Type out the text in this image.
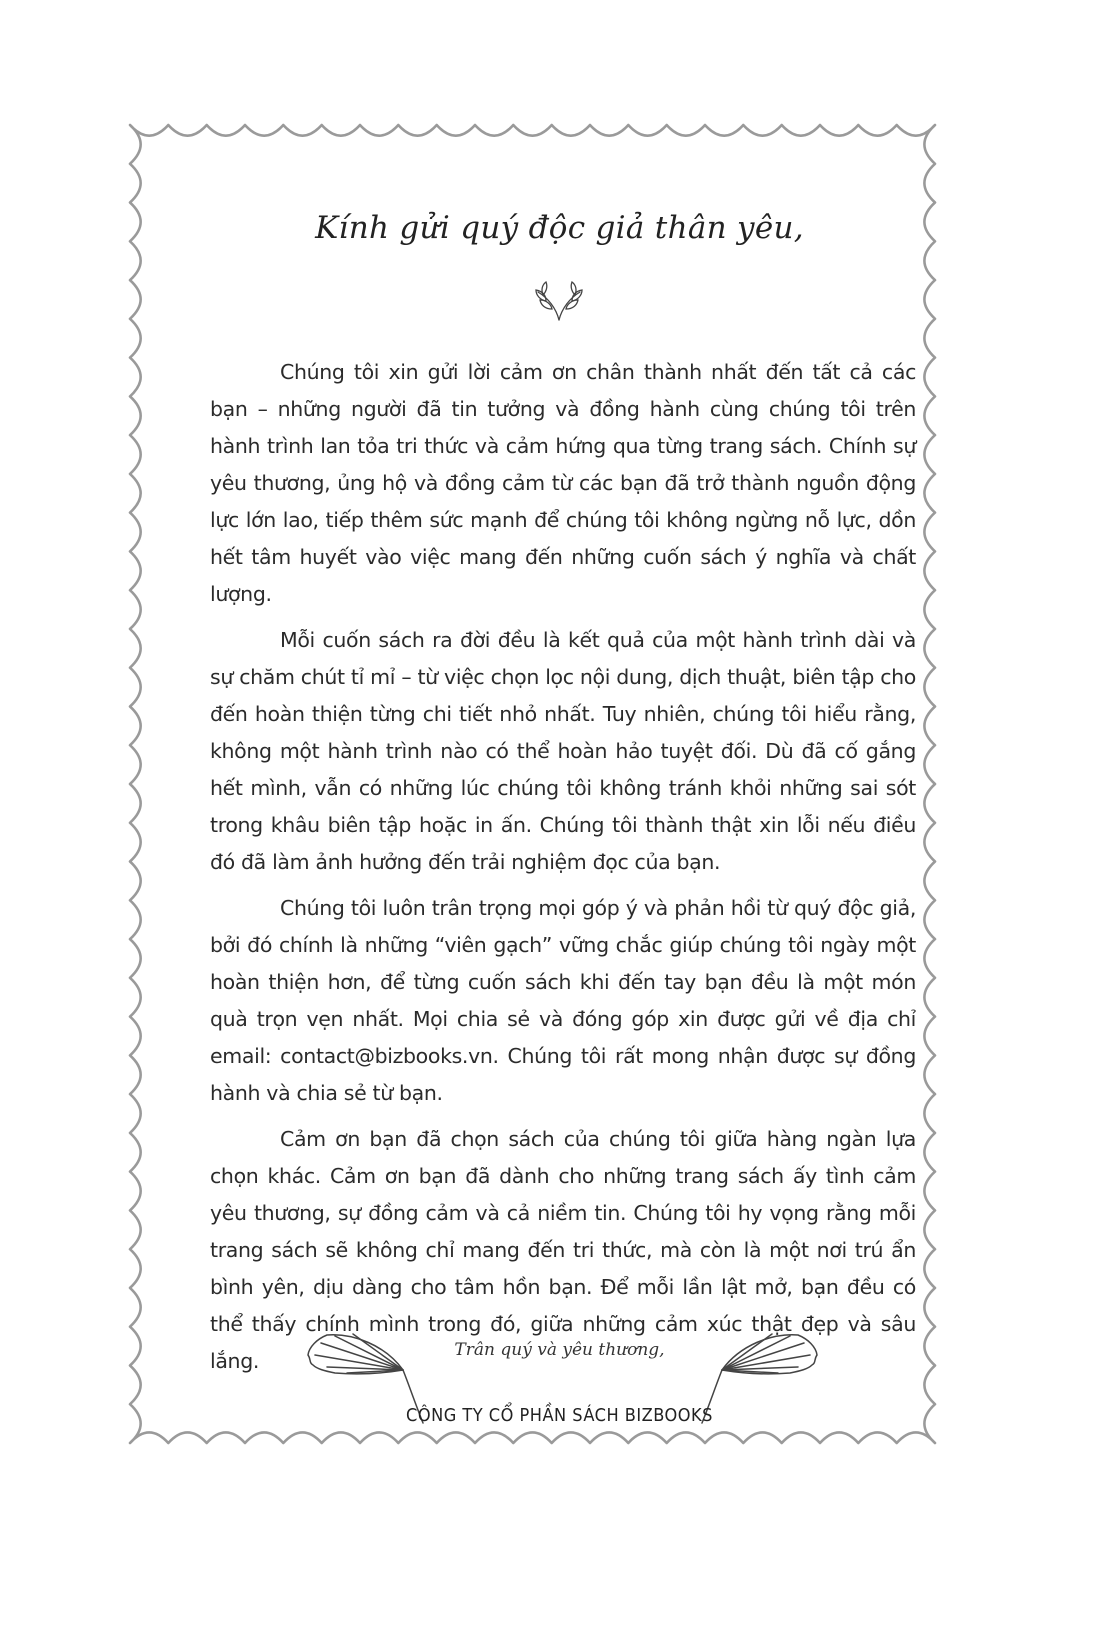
Kính gửi quý độc giả thân yêu,

Chúng tôi xin gửi lời cảm ơn chân thành nhất đến tất cả các bạn – những người đã tin tưởng và đồng hành cùng chúng tôi trên hành trình lan tỏa tri thức và cảm hứng qua từng trang sách. Chính sự yêu thương, ủng hộ và đồng cảm từ các bạn đã trở thành nguồn động lực lớn lao, tiếp thêm sức mạnh để chúng tôi không ngừng nỗ lực, dồn hết tâm huyết vào việc mang đến những cuốn sách ý nghĩa và chất lượng.

Mỗi cuốn sách ra đời đều là kết quả của một hành trình dài và sự chăm chút tỉ mỉ – từ việc chọn lọc nội dung, dịch thuật, biên tập cho đến hoàn thiện từng chi tiết nhỏ nhất. Tuy nhiên, chúng tôi hiểu rằng, không một hành trình nào có thể hoàn hảo tuyệt đối. Dù đã cố gắng hết mình, vẫn có những lúc chúng tôi không tránh khỏi những sai sót trong khâu biên tập hoặc in ấn. Chúng tôi thành thật xin lỗi nếu điều đó đã làm ảnh hưởng đến trải nghiệm đọc của bạn.

Chúng tôi luôn trân trọng mọi góp ý và phản hồi từ quý độc giả, bởi đó chính là những “viên gạch” vững chắc giúp chúng tôi ngày một hoàn thiện hơn, để từng cuốn sách khi đến tay bạn đều là một món quà trọn vẹn nhất. Mọi chia sẻ và đóng góp xin được gửi về địa chỉ email: contact@bizbooks.vn. Chúng tôi rất mong nhận được sự đồng hành và chia sẻ từ bạn.

Cảm ơn bạn đã chọn sách của chúng tôi giữa hàng ngàn lựa chọn khác. Cảm ơn bạn đã dành cho những trang sách ấy tình cảm yêu thương, sự đồng cảm và cả niềm tin. Chúng tôi hy vọng rằng mỗi trang sách sẽ không chỉ mang đến tri thức, mà còn là một nơi trú ẩn bình yên, dịu dàng cho tâm hồn bạn. Để mỗi lần lật mở, bạn đều có thể thấy chính mình trong đó, giữa những cảm xúc thật đẹp và sâu lắng.	Trân quý và yêu thương,
CÔNG TY CỔ PHẦN SÁCH BIZBOOKS
